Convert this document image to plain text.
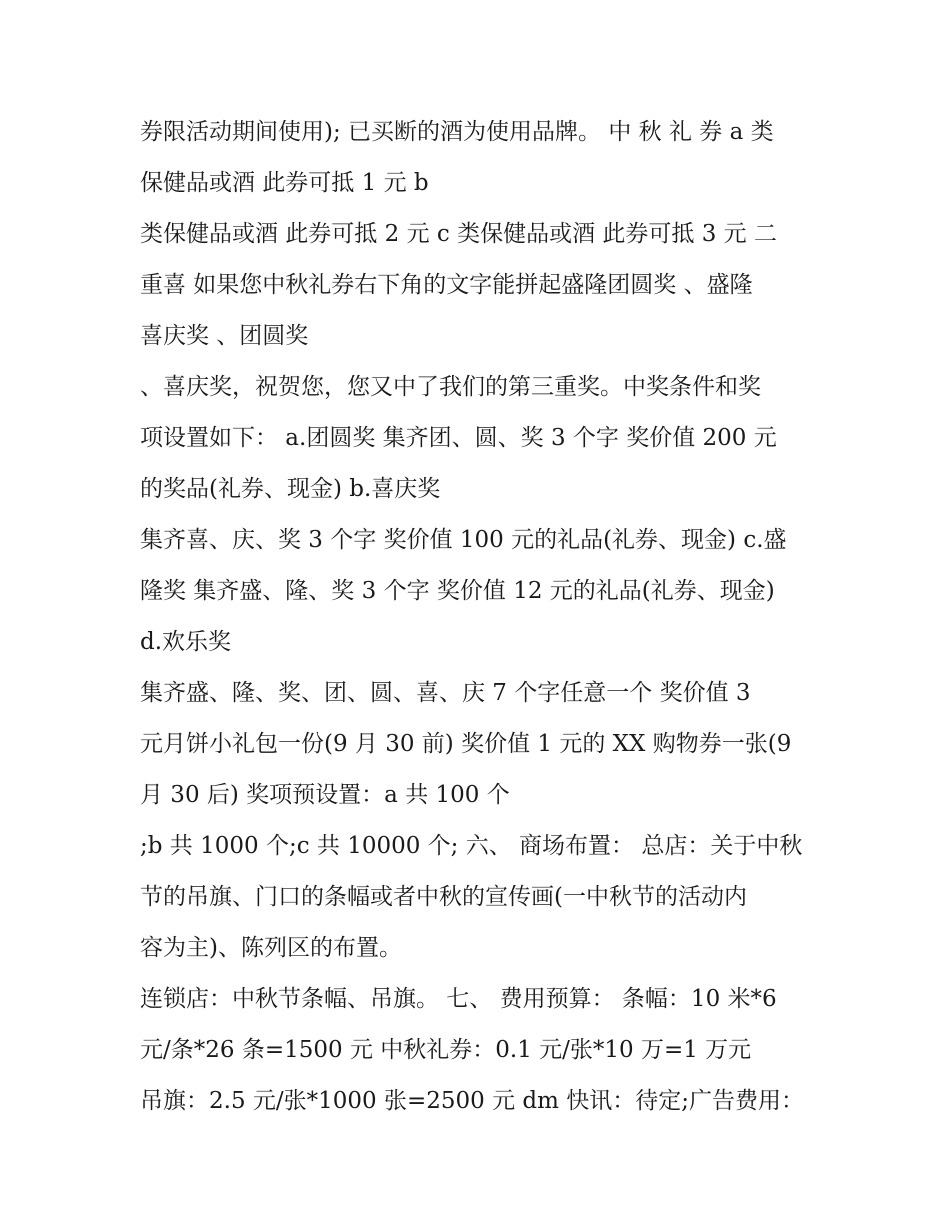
券限活动期间使用); 已买断的酒为使用品牌。 中 秋 礼 券 a 类

保健品或酒 此券可抵 1 元 b

类保健品或酒 此券可抵 2 元 c 类保健品或酒 此券可抵 3 元 二

重喜 如果您中秋礼券右下角的文字能拼起盛隆团圆奖 、盛隆

喜庆奖 、团圆奖

、喜庆奖，祝贺您，您又中了我们的第三重奖。中奖条件和奖

项设置如下： a.团圆奖 集齐团、圆、奖 3 个字 奖价值 200 元

的奖品(礼券、现金) b.喜庆奖

集齐喜、庆、奖 3 个字 奖价值 100 元的礼品(礼券、现金) c.盛

隆奖 集齐盛、隆、奖 3 个字 奖价值 12 元的礼品(礼券、现金)

d.欢乐奖

集齐盛、隆、奖、团、圆、喜、庆 7 个字任意一个 奖价值 3

元月饼小礼包一份(9 月 30 前) 奖价值 1 元的 XX 购物券一张(9

月 30 后) 奖项预设置：a 共 100 个

;b 共 1000 个;c 共 10000 个; 六、 商场布置： 总店：关于中秋

节的吊旗、门口的条幅或者中秋的宣传画(一中秋节的活动内

容为主)、陈列区的布置。

连锁店：中秋节条幅、吊旗。 七、 费用预算： 条幅：10 米*6

元/条*26 条=1500 元 中秋礼券：0.1 元/张*10 万=1 万元

吊旗：2.5 元/张*1000 张=2500 元 dm 快讯：待定;广告费用：
